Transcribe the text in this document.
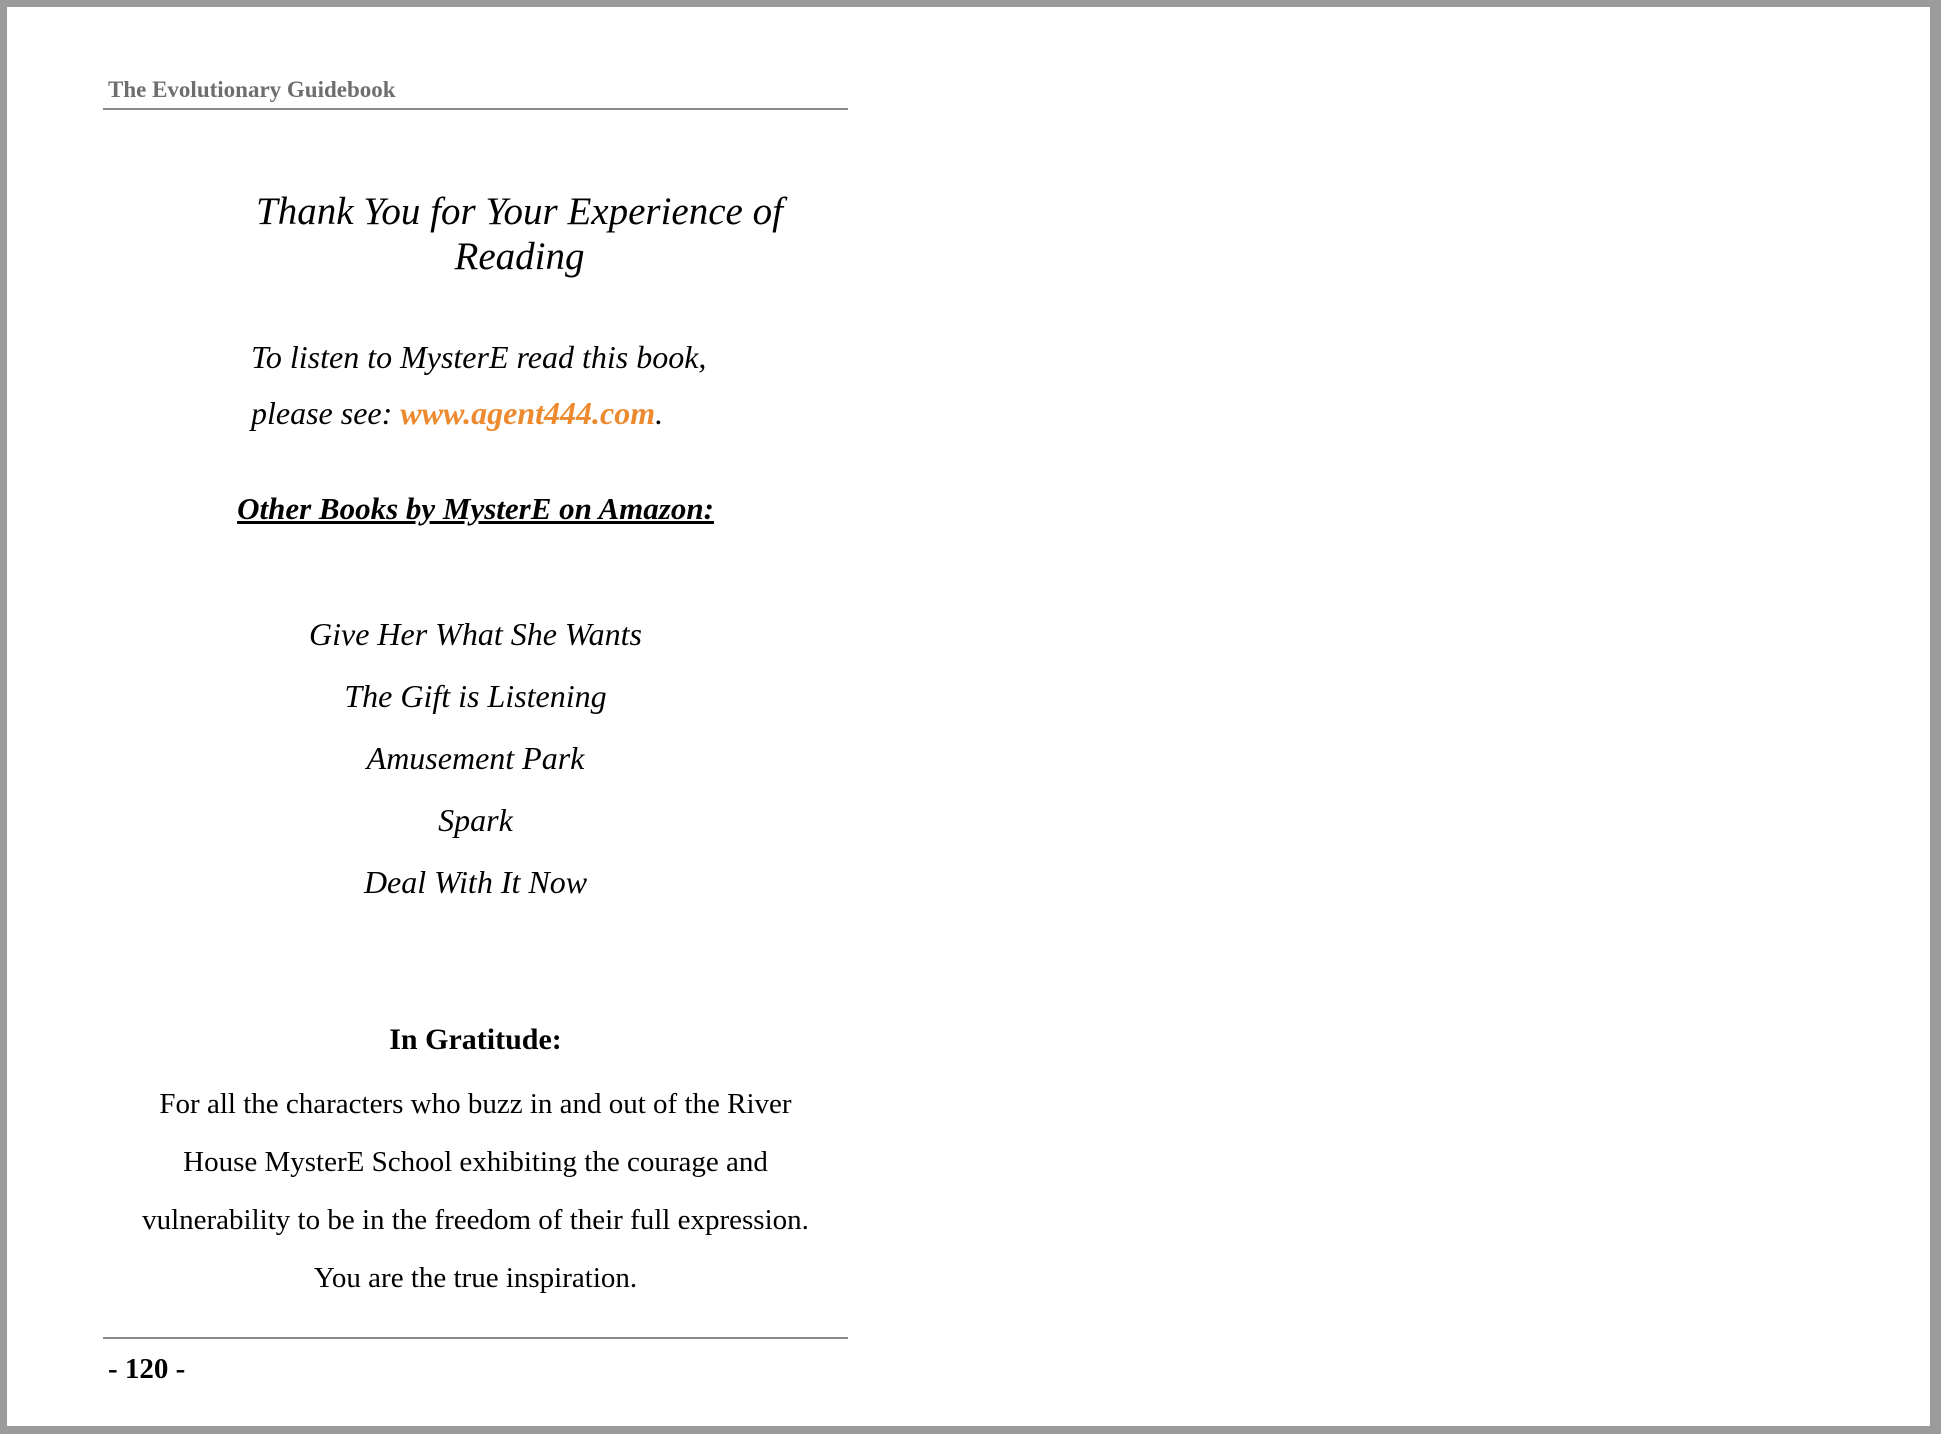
The Evolutionary Guidebook
Thank You for Your Experience of Reading
To listen to MysterE read this book,
please see: www.agent444.com.
Other Books by MysterE on Amazon:
Give Her What She Wants
The Gift is Listening
Amusement Park
Spark
Deal With It Now
In Gratitude:
For all the characters who buzz in and out of the River
House MysterE School exhibiting the courage and
vulnerability to be in the freedom of their full expression.
You are the true inspiration.
- 120 -
